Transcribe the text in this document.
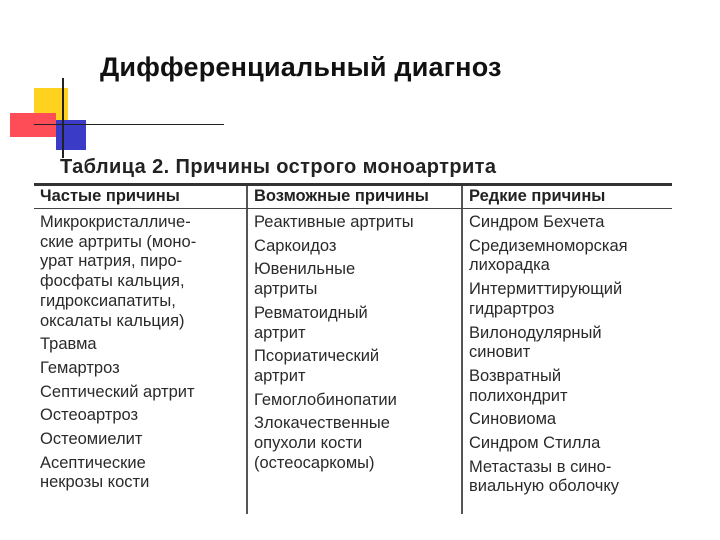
Дифференциальный диагноз
Таблица 2. Причины острого моноартрита
Частые причины	Возможные причины	Редкие причины
Микрокристалличе-
ские артриты (моно-
урат натрия, пиро-
фосфаты кальция,
гидроксиапатиты,
оксалаты кальция)
Травма
Гемартроз
Септический артрит
Остеоартроз
Остеомиелит
Асептические
некрозы кости
Реактивные артриты
Саркоидоз
Ювенильные
артриты
Ревматоидный
артрит
Псориатический
артрит
Гемоглобинопатии
Злокачественные
опухоли кости
(остеосаркомы)
Синдром Бехчета
Средиземноморская
лихорадка
Интермиттирующий
гидрартроз
Вилонодулярный
синовит
Возвратный
полихондрит
Синовиома
Синдром Стилла
Метастазы в сино-
виальную оболочку
